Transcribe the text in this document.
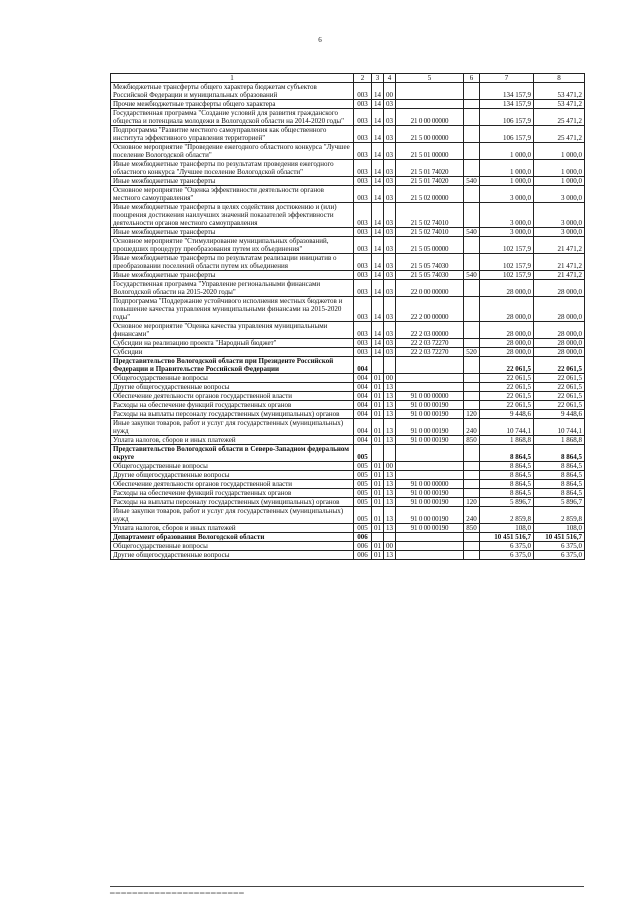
6
1	2	3	4	5	6	7	8
Межбюджетные трансферты общего характера бюджетам субъектов Российской Федерации и муниципальных образований	003	14	00			134 157,9	53 471,2
Прочие межбюджетные трансферты общего характера	003	14	03			134 157,9	53 471,2
Государственная программа "Создание условий для развития гражданского общества и потенциала молодежи в Вологодской области на 2014-2020 годы"	003	14	03	21 0 00 00000		106 157,9	25 471,2
Подпрограмма "Развитие местного самоуправления как общественного института эффективного управления территорией"	003	14	03	21 5 00 00000		106 157,9	25 471,2
Основное мероприятие "Проведение ежегодного областного конкурса "Лучшее поселение Вологодской области"	003	14	03	21 5 01 00000		1 000,0	1 000,0
Иные межбюджетные трансферты по результатам проведения ежегодного областного конкурса "Лучшее поселение Вологодской области"	003	14	03	21 5 01 74020		1 000,0	1 000,0
Иные межбюджетные трансферты	003	14	03	21 5 01 74020	540	1 000,0	1 000,0
Основное мероприятие "Оценка эффективности деятельности органов местного самоуправления"	003	14	03	21 5 02 00000		3 000,0	3 000,0
Иные межбюджетные трансферты в целях содействия достижению и (или) поощрения достижения наилучших значений показателей эффективности деятельности органов местного самоуправления	003	14	03	21 5 02 74010		3 000,0	3 000,0
Иные межбюджетные трансферты	003	14	03	21 5 02 74010	540	3 000,0	3 000,0
Основное мероприятие "Стимулирование муниципальных образований, прошедших процедуру преобразования путем их объединения"	003	14	03	21 5 05 00000		102 157,9	21 471,2
Иные межбюджетные трансферты по результатам реализации инициатив о преобразовании поселений области путем их объединения	003	14	03	21 5 05 74030		102 157,9	21 471,2
Иные межбюджетные трансферты	003	14	03	21 5 05 74030	540	102 157,9	21 471,2
Государственная программа "Управление региональными финансами Вологодской области на 2015-2020 годы"	003	14	03	22 0 00 00000		28 000,0	28 000,0
Подпрограмма "Поддержание устойчивого исполнения местных бюджетов и повышение качества управления муниципальными финансами на 2015-2020 годы"	003	14	03	22 2 00 00000		28 000,0	28 000,0
Основное мероприятие "Оценка качества управления муниципальными финансами"	003	14	03	22 2 03 00000		28 000,0	28 000,0
Субсидии на реализацию проекта "Народный бюджет"	003	14	03	22 2 03 72270		28 000,0	28 000,0
Субсидии	003	14	03	22 2 03 72270	520	28 000,0	28 000,0
Представительство Вологодской области при Президенте Российской Федерации и Правительстве Российской Федерации	004					22 061,5	22 061,5
Общегосударственные вопросы	004	01	00			22 061,5	22 061,5
Другие общегосударственные вопросы	004	01	13			22 061,5	22 061,5
Обеспечение деятельности органов государственной власти	004	01	13	91 0 00 00000		22 061,5	22 061,5
Расходы на обеспечение функций государственных органов	004	01	13	91 0 00 00190		22 061,5	22 061,5
Расходы на выплаты персоналу государственных (муниципальных) органов	004	01	13	91 0 00 00190	120	9 448,6	9 448,6
Иные закупки товаров, работ и услуг для государственных (муниципальных) нужд	004	01	13	91 0 00 00190	240	10 744,1	10 744,1
Уплата налогов, сборов и иных платежей	004	01	13	91 0 00 00190	850	1 868,8	1 868,8
Представительство Вологодской области в Северо-Западном федеральном округе	005					8 864,5	8 864,5
Общегосударственные вопросы	005	01	00			8 864,5	8 864,5
Другие общегосударственные вопросы	005	01	13			8 864,5	8 864,5
Обеспечение деятельности органов государственной власти	005	01	13	91 0 00 00000		8 864,5	8 864,5
Расходы на обеспечение функций государственных органов	005	01	13	91 0 00 00190		8 864,5	8 864,5
Расходы на выплаты персоналу государственных (муниципальных) органов	005	01	13	91 0 00 00190	120	5 896,7	5 896,7
Иные закупки товаров, работ и услуг для государственных (муниципальных) нужд	005	01	13	91 0 00 00190	240	2 859,8	2 859,8
Уплата налогов, сборов и иных платежей	005	01	13	91 0 00 00190	850	108,0	108,0
Департамент образования Вологодской области	006					10 451 516,7	10 451 516,7
Общегосударственные вопросы	006	01	00			6 375,0	6 375,0
Другие общегосударственные вопросы	006	01	13			6 375,0	6 375,0
▁▁▁▁▁▁▁▁▁▁▁▁▁▁▁▁▁▁▁▁▁▁▁▁
